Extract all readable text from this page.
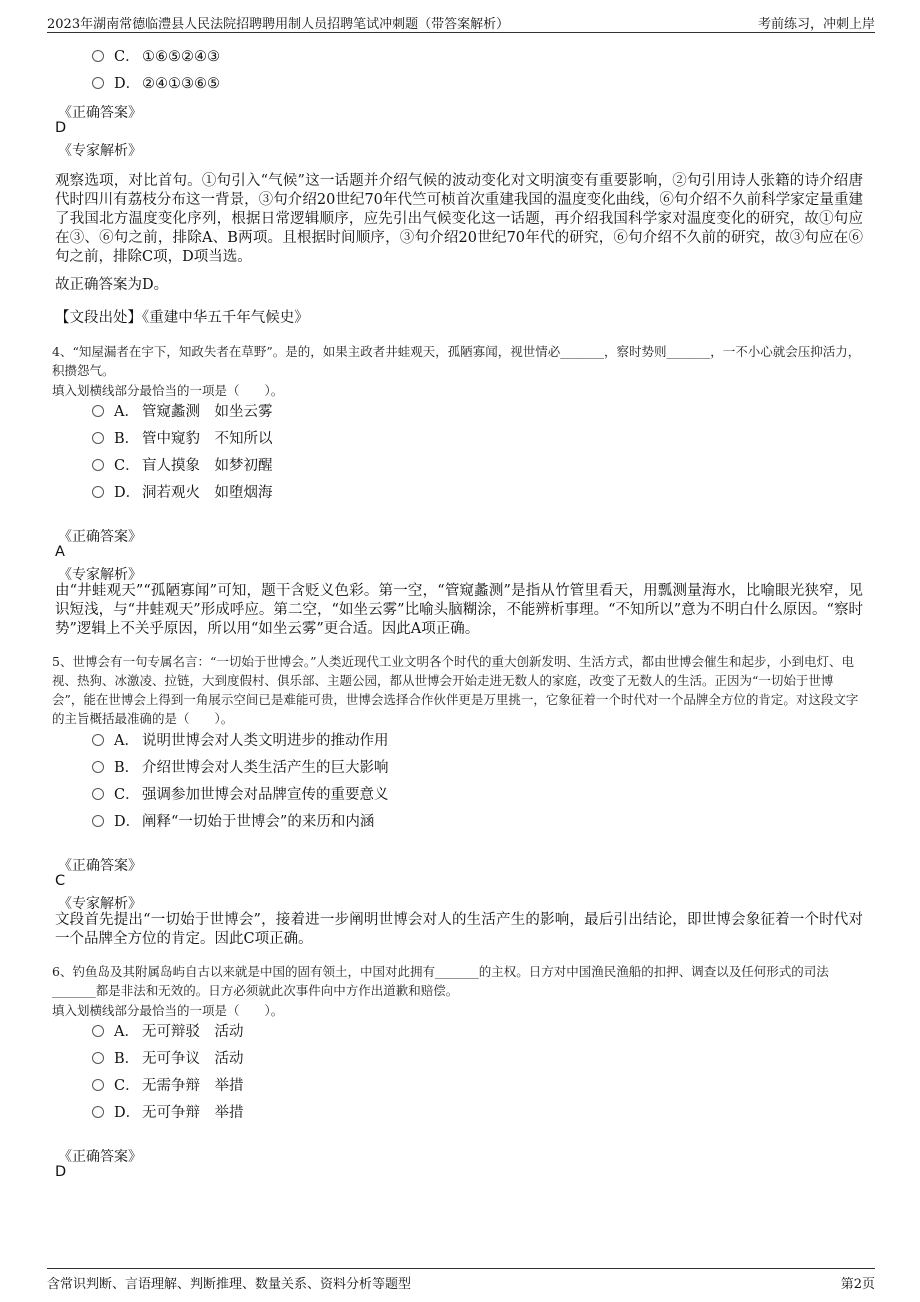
2023年湖南常德临澧县人民法院招聘聘用制人员招聘笔试冲刺题（带答案解析）	考前练习，冲刺上岸
C． ①⑥⑤②④③
D． ②④①③⑥⑤
《正确答案》
D
《专家解析》
观察选项，对比首句。①句引入“气候”这一话题并介绍气候的波动变化对文明演变有重要影响，②句引用诗人张籍的诗介绍唐代时四川有荔枝分布这一背景，③句介绍20世纪70年代竺可桢首次重建我国的温度变化曲线，⑥句介绍不久前科学家定量重建了我国北方温度变化序列，根据日常逻辑顺序，应先引出气候变化这一话题，再介绍我国科学家对温度变化的研究，故①句应在③、⑥句之前，排除A、B两项。且根据时间顺序，③句介绍20世纪70年代的研究，⑥句介绍不久前的研究，故③句应在⑥句之前，排除C项，D项当选。
故正确答案为D。
【文段出处】《重建中华五千年气候史》
4、“知屋漏者在宇下，知政失者在草野”。是的，如果主政者井蛙观天，孤陋寡闻，视世情必_______，察时势则_______，一不小心就会压抑活力，积攒怨气。
填入划横线部分最恰当的一项是（　　）。
A． 管窥蠡测　如坐云雾
B． 管中窥豹　不知所以
C． 盲人摸象　如梦初醒
D． 洞若观火　如堕烟海
《正确答案》
A
《专家解析》
由“井蛙观天”“孤陋寡闻”可知，题干含贬义色彩。第一空，“管窥蠡测”是指从竹管里看天，用瓢测量海水，比喻眼光狭窄，见识短浅，与“井蛙观天”形成呼应。第二空，“如坐云雾”比喻头脑糊涂，不能辨析事理。“不知所以”意为不明白什么原因。“察时势”逻辑上不关乎原因，所以用“如坐云雾”更合适。因此A项正确。
5、世博会有一句专属名言：“一切始于世博会。”人类近现代工业文明各个时代的重大创新发明、生活方式，都由世博会催生和起步，小到电灯、电视、热狗、冰激凌、拉链，大到度假村、俱乐部、主题公园，都从世博会开始走进无数人的家庭，改变了无数人的生活。正因为“一切始于世博会”，能在世博会上得到一角展示空间已是难能可贵，世博会选择合作伙伴更是万里挑一，它象征着一个时代对一个品牌全方位的肯定。对这段文字的主旨概括最准确的是（　　）。
A． 说明世博会对人类文明进步的推动作用
B． 介绍世博会对人类生活产生的巨大影响
C． 强调参加世博会对品牌宣传的重要意义
D． 阐释“一切始于世博会”的来历和内涵
《正确答案》
C
《专家解析》
文段首先提出“一切始于世博会”，接着进一步阐明世博会对人的生活产生的影响，最后引出结论，即世博会象征着一个时代对一个品牌全方位的肯定。因此C项正确。
6、钓鱼岛及其附属岛屿自古以来就是中国的固有领土，中国对此拥有_______的主权。日方对中国渔民渔船的扣押、调查以及任何形式的司法_______都是非法和无效的。日方必须就此次事件向中方作出道歉和赔偿。
填入划横线部分最恰当的一项是（　　）。
A． 无可辩驳　活动
B． 无可争议　活动
C． 无需争辩　举措
D． 无可争辩　举措
《正确答案》
D
含常识判断、言语理解、判断推理、数量关系、资料分析等题型	第2页
